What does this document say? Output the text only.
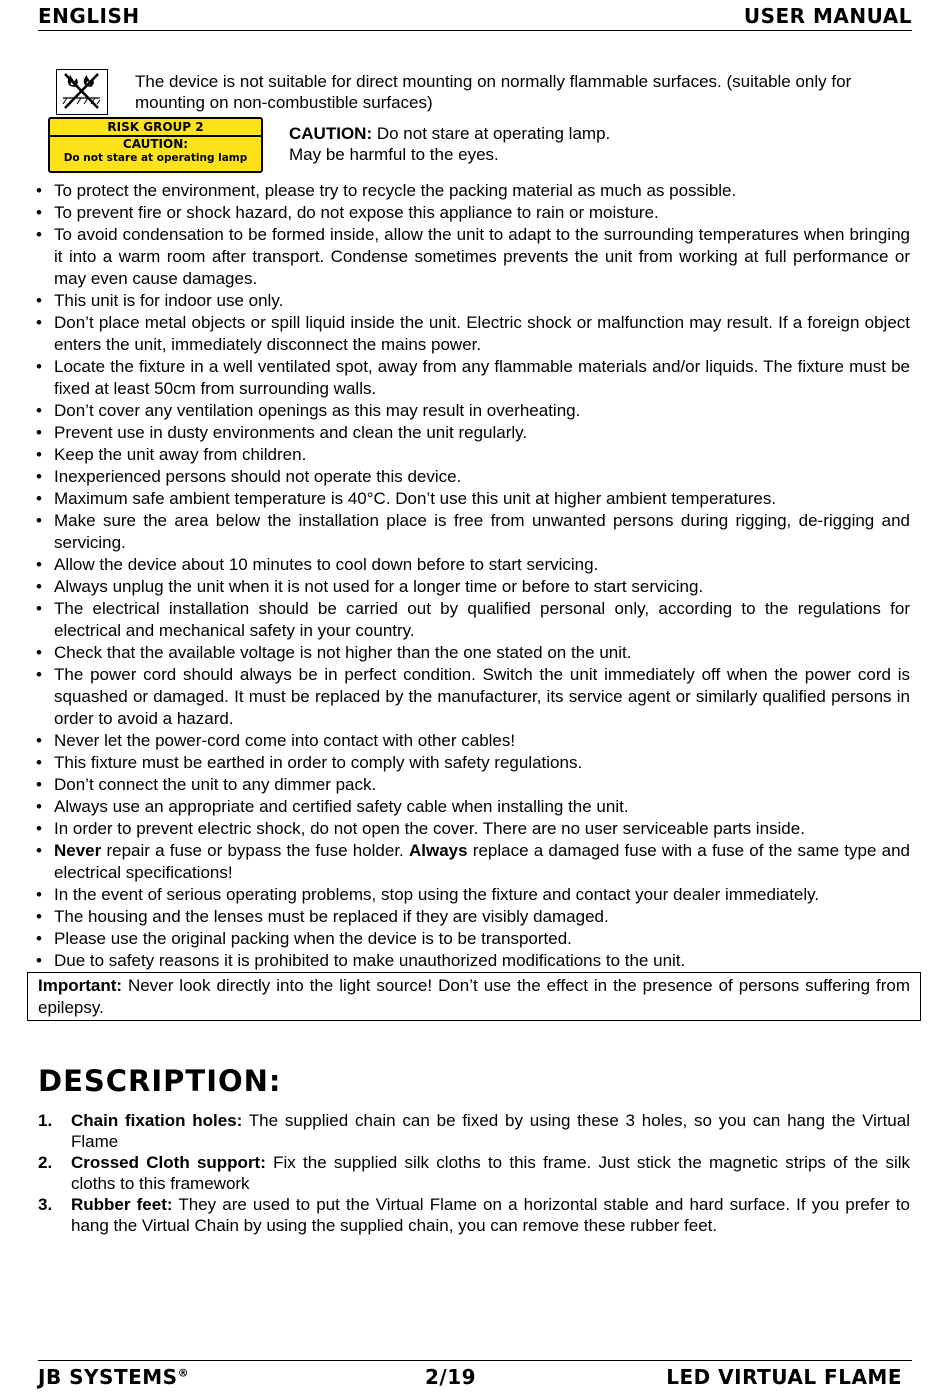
ENGLISH	USER MANUAL
The device is not suitable for direct mounting on normally flammable surfaces. (suitable only for mounting on non-combustible surfaces)
RISK GROUP 2
CAUTION:
Do not stare at operating lamp
CAUTION: Do not stare at operating lamp.
May be harmful to the eyes.
• To protect the environment, please try to recycle the packing material as much as possible.
• To prevent fire or shock hazard, do not expose this appliance to rain or moisture.
• To avoid condensation to be formed inside, allow the unit to adapt to the surrounding temperatures when bringing it into a warm room after transport. Condense sometimes prevents the unit from working at full performance or may even cause damages.
• This unit is for indoor use only.
• Don’t place metal objects or spill liquid inside the unit. Electric shock or malfunction may result. If a foreign object enters the unit, immediately disconnect the mains power.
• Locate the fixture in a well ventilated spot, away from any flammable materials and/or liquids. The fixture must be fixed at least 50cm from surrounding walls.
• Don’t cover any ventilation openings as this may result in overheating.
• Prevent use in dusty environments and clean the unit regularly.
• Keep the unit away from children.
• Inexperienced persons should not operate this device.
• Maximum safe ambient temperature is 40°C. Don’t use this unit at higher ambient temperatures.
• Make sure the area below the installation place is free from unwanted persons during rigging, de-rigging and servicing.
• Allow the device about 10 minutes to cool down before to start servicing.
• Always unplug the unit when it is not used for a longer time or before to start servicing.
• The electrical installation should be carried out by qualified personal only, according to the regulations for electrical and mechanical safety in your country.
• Check that the available voltage is not higher than the one stated on the unit.
• The power cord should always be in perfect condition. Switch the unit immediately off when the power cord is squashed or damaged. It must be replaced by the manufacturer, its service agent or similarly qualified persons in order to avoid a hazard.
• Never let the power-cord come into contact with other cables!
• This fixture must be earthed in order to comply with safety regulations.
• Don’t connect the unit to any dimmer pack.
• Always use an appropriate and certified safety cable when installing the unit.
• In order to prevent electric shock, do not open the cover. There are no user serviceable parts inside.
• Never repair a fuse or bypass the fuse holder. Always replace a damaged fuse with a fuse of the same type and electrical specifications!
• In the event of serious operating problems, stop using the fixture and contact your dealer immediately.
• The housing and the lenses must be replaced if they are visibly damaged.
• Please use the original packing when the device is to be transported.
• Due to safety reasons it is prohibited to make unauthorized modifications to the unit.
Important: Never look directly into the light source! Don’t use the effect in the presence of persons suffering from epilepsy.
DESCRIPTION:
1. Chain fixation holes: The supplied chain can be fixed by using these 3 holes, so you can hang the Virtual Flame
2. Crossed Cloth support: Fix the supplied silk cloths to this frame. Just stick the magnetic strips of the silk cloths to this framework
3. Rubber feet: They are used to put the Virtual Flame on a horizontal stable and hard surface. If you prefer to hang the Virtual Chain by using the supplied chain, you can remove these rubber feet.
JB SYSTEMS®	2/19	LED VIRTUAL FLAME
